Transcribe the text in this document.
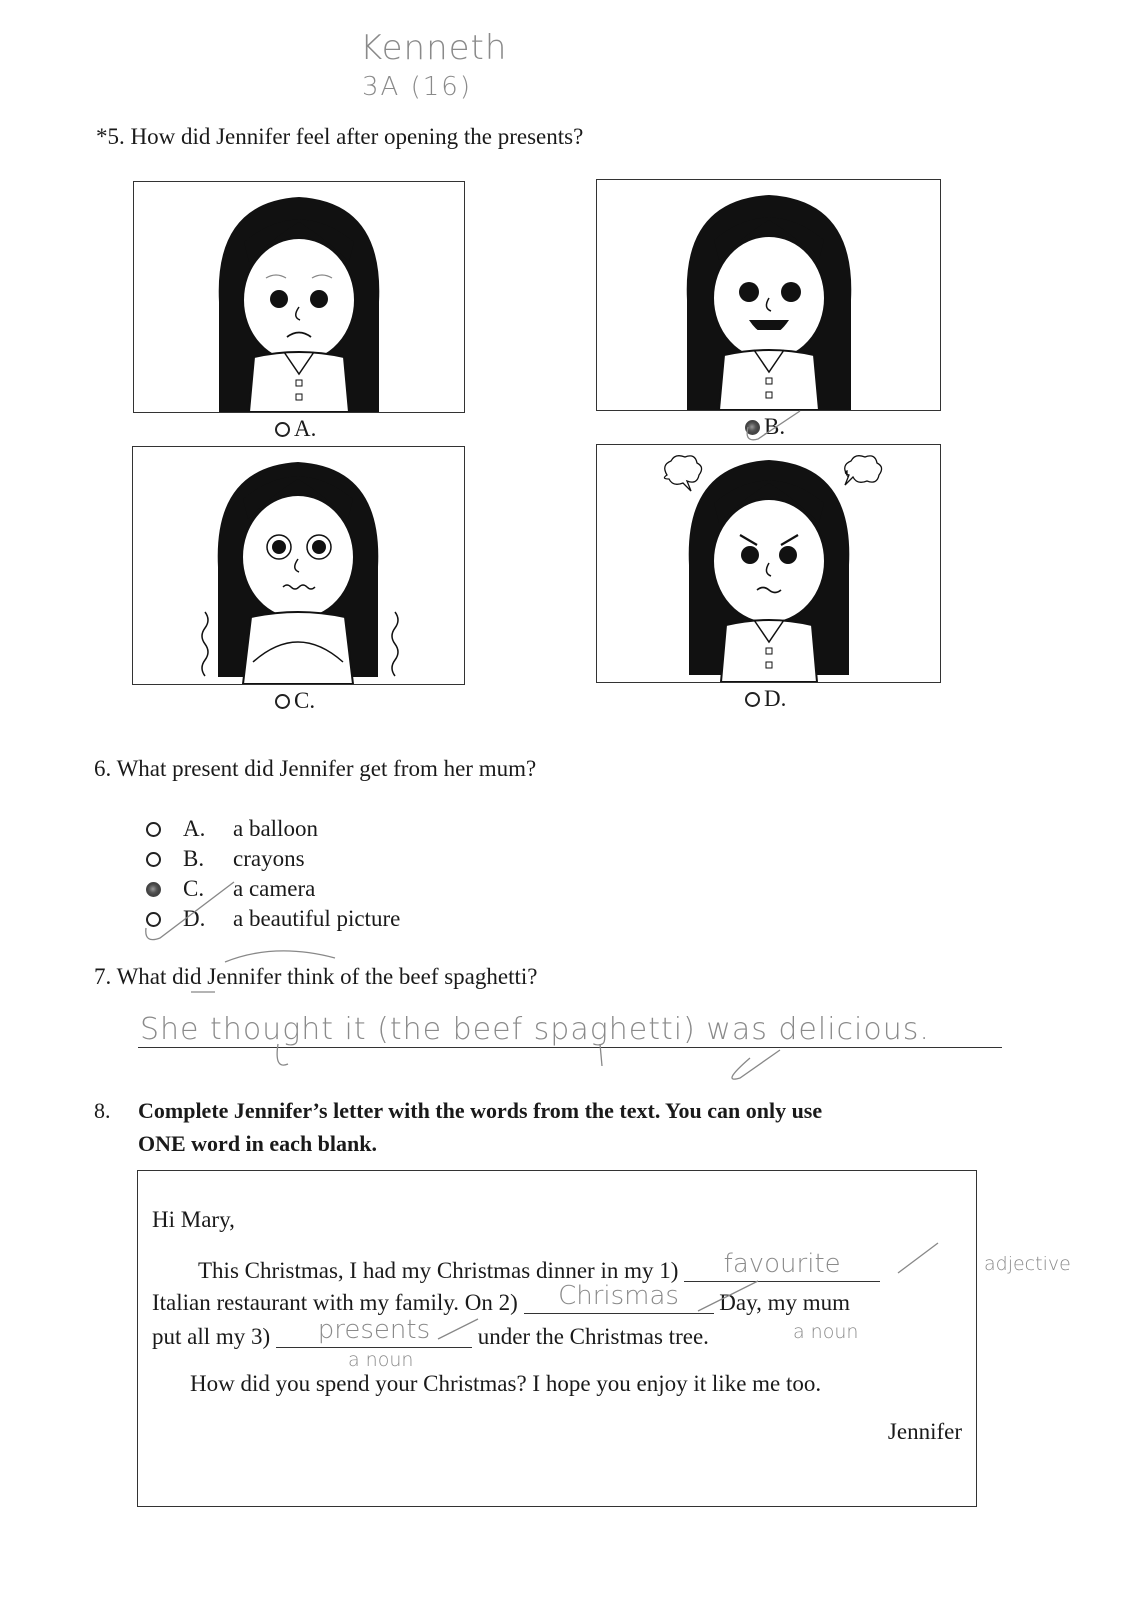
Kenneth
3A (16)
*5. How did Jennifer feel after opening the presents?
A.	B.
C.	D.
6. What present did Jennifer get from her mum?
A.	a balloon
B.	crayons
C.	a camera
D.	a beautiful picture
7. What did Jennifer think of the beef spaghetti?
She thought it (the beef spaghetti) was delicious.
8. Complete Jennifer’s letter with the words from the text. You can only use
ONE word in each blank.
Hi Mary,
This Christmas, I had my Christmas dinner in my 1) favourite	adjective
Italian restaurant with my family. On 2) Chrismas Day, my mum
put all my 3) presents under the Christmas tree.	a noun
a noun
How did you spend your Christmas? I hope you enjoy it like me too.
Jennifer
